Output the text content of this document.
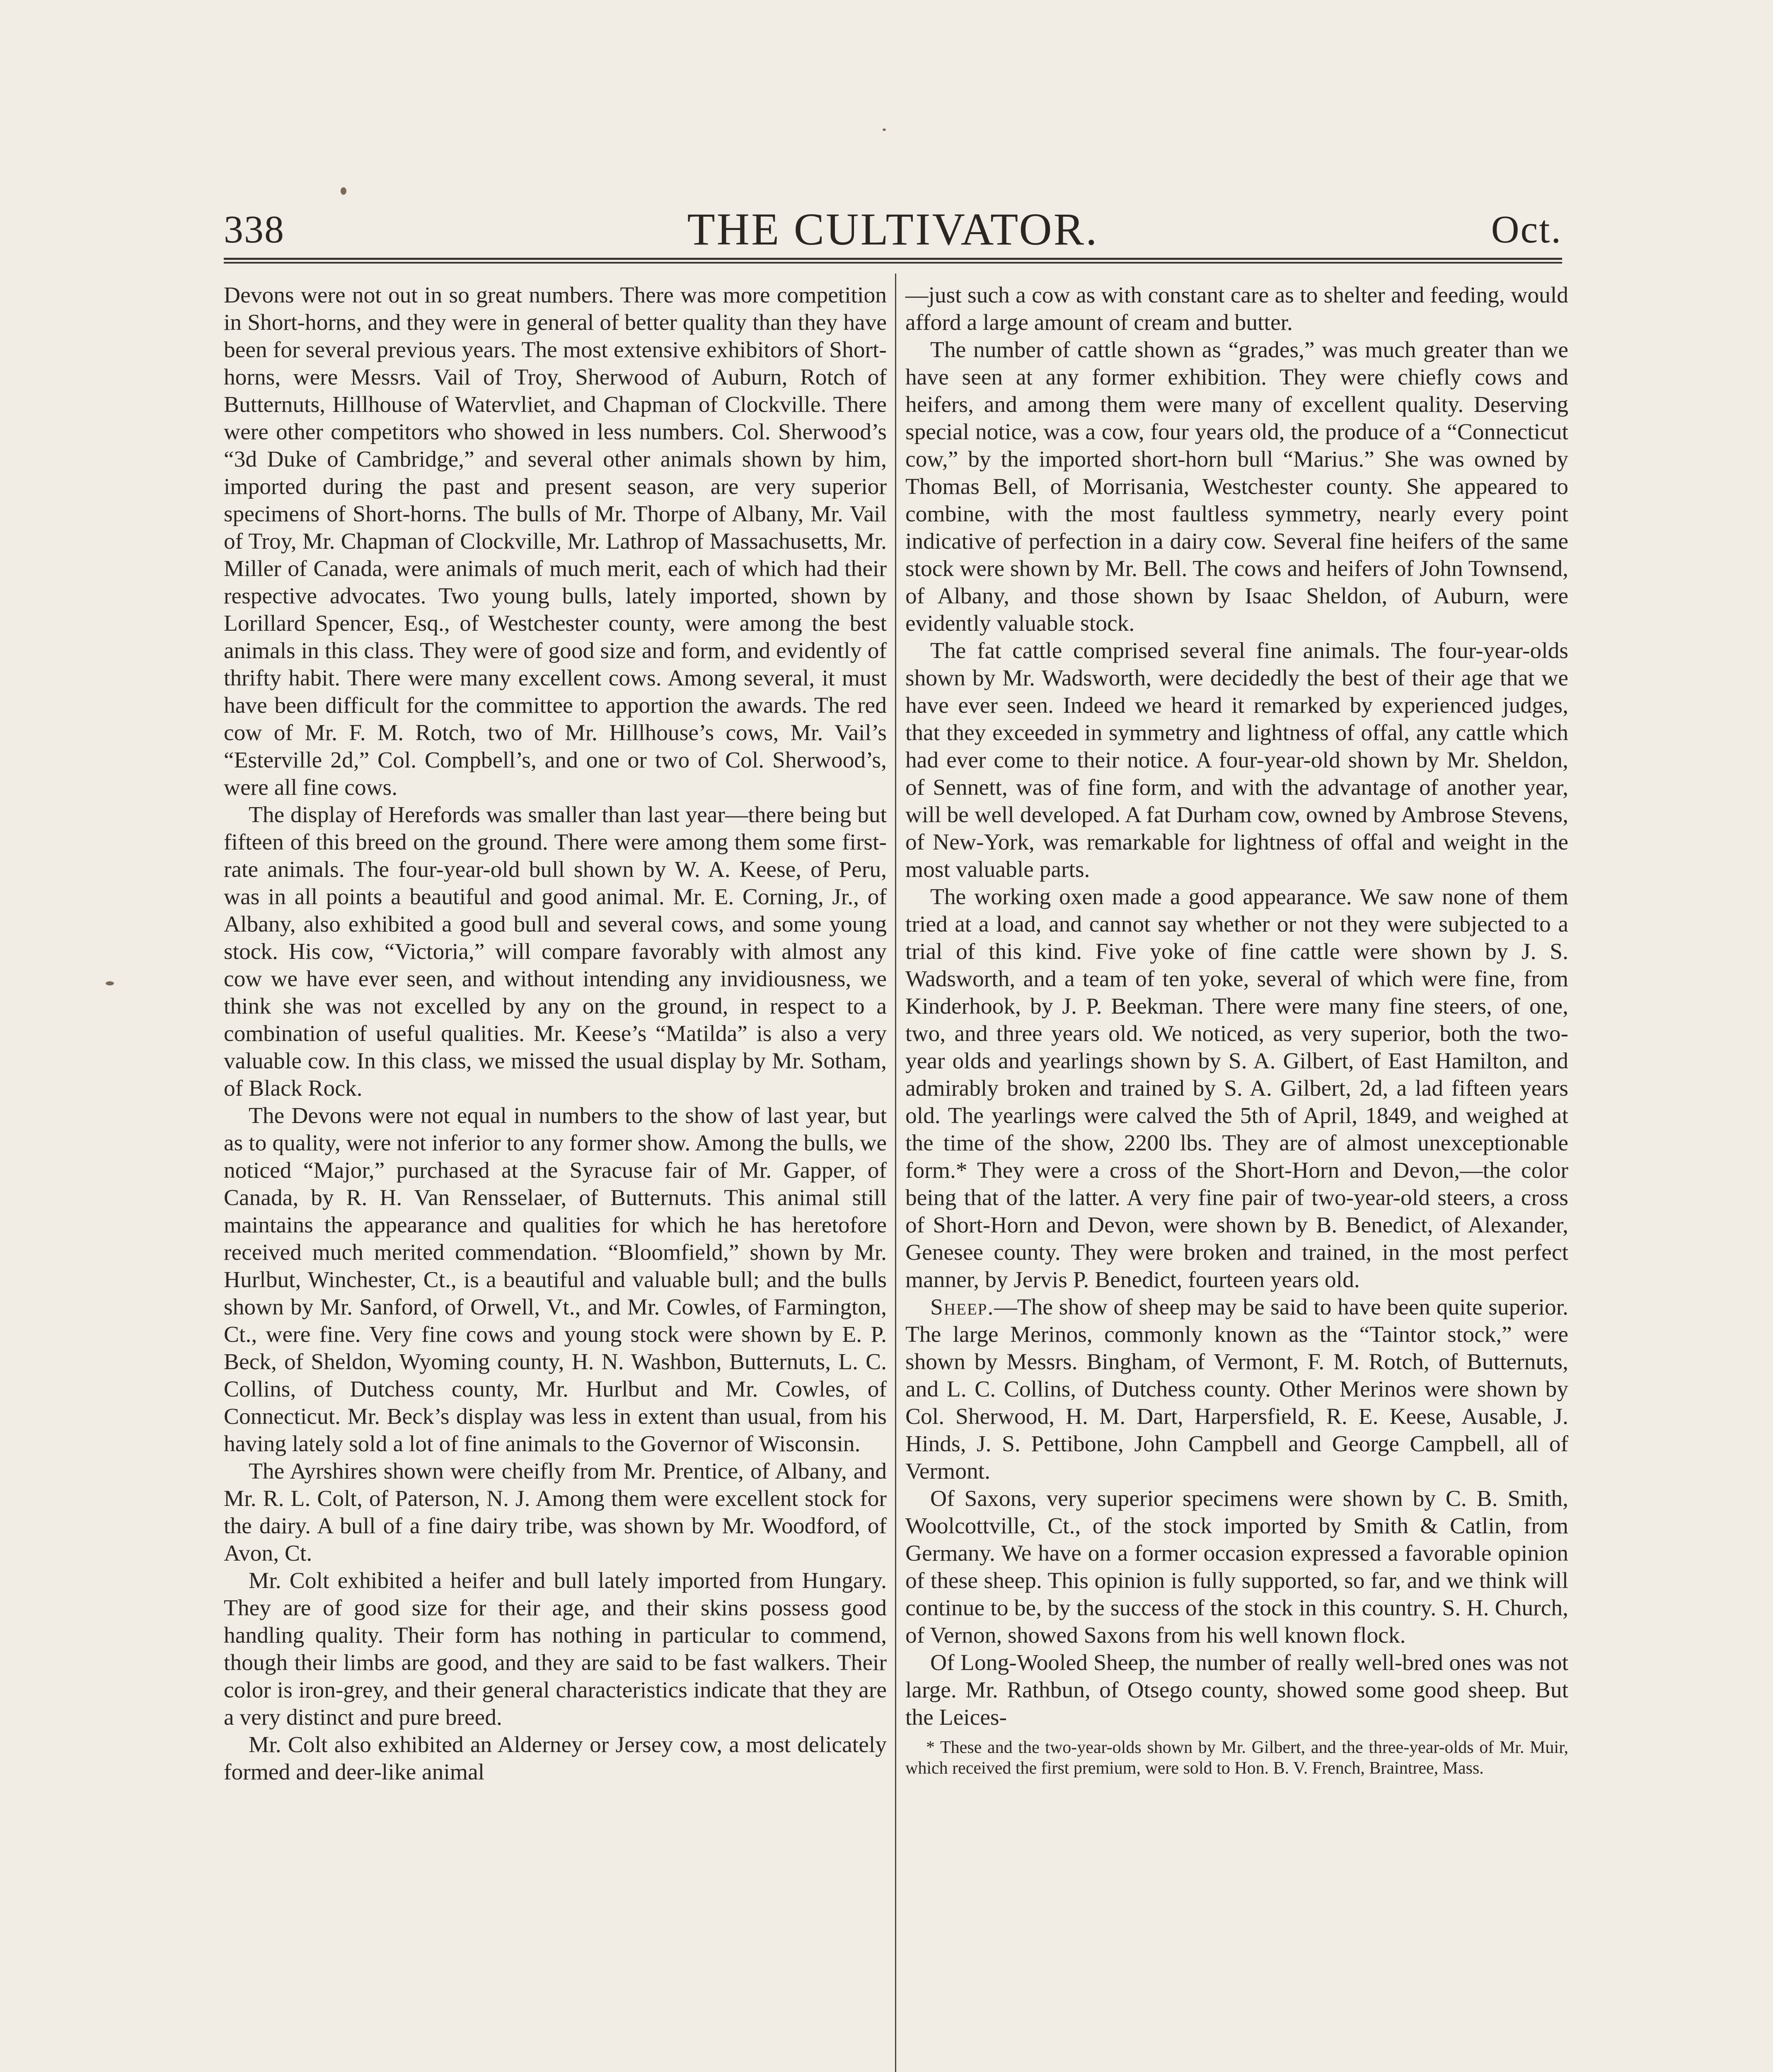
338	THE CULTIVATOR.	Oct.

Devons were not out in so great numbers. There was more competition in Short-horns, and they were in general of better quality than they have been for several previous years. The most extensive exhibitors of Short-horns, were Messrs. Vail of Troy, Sherwood of Auburn, Rotch of Butternuts, Hillhouse of Watervliet, and Chapman of Clockville. There were other competitors who showed in less numbers. Col. Sherwood’s “3d Duke of Cambridge,” and several other animals shown by him, imported during the past and present season, are very superior specimens of Short-horns. The bulls of Mr. Thorpe of Albany, Mr. Vail of Troy, Mr. Chapman of Clockville, Mr. Lathrop of Massachusetts, Mr. Miller of Canada, were animals of much merit, each of which had their respective advocates. Two young bulls, lately imported, shown by Lorillard Spencer, Esq., of Westchester county, were among the best animals in this class. They were of good size and form, and evidently of thrifty habit. There were many excellent cows. Among several, it must have been difficult for the committee to apportion the awards. The red cow of Mr. F. M. Rotch, two of Mr. Hillhouse’s cows, Mr. Vail’s “Esterville 2d,” Col. Compbell’s, and one or two of Col. Sherwood’s, were all fine cows.

The display of Herefords was smaller than last year—there being but fifteen of this breed on the ground. There were among them some first-rate animals. The four-year-old bull shown by W. A. Keese, of Peru, was in all points a beautiful and good animal. Mr. E. Corning, Jr., of Albany, also exhibited a good bull and several cows, and some young stock. His cow, “Victoria,” will compare favorably with almost any cow we have ever seen, and without intending any invidiousness, we think she was not excelled by any on the ground, in respect to a combination of useful qualities. Mr. Keese’s “Matilda” is also a very valuable cow. In this class, we missed the usual display by Mr. Sotham, of Black Rock.

The Devons were not equal in numbers to the show of last year, but as to quality, were not inferior to any former show. Among the bulls, we noticed “Major,” purchased at the Syracuse fair of Mr. Gapper, of Canada, by R. H. Van Rensselaer, of Butternuts. This animal still maintains the appearance and qualities for which he has heretofore received much merited commendation. “Bloomfield,” shown by Mr. Hurlbut, Winchester, Ct., is a beautiful and valuable bull; and the bulls shown by Mr. Sanford, of Orwell, Vt., and Mr. Cowles, of Farmington, Ct., were fine. Very fine cows and young stock were shown by E. P. Beck, of Sheldon, Wyoming county, H. N. Washbon, Butternuts, L. C. Collins, of Dutchess county, Mr. Hurlbut and Mr. Cowles, of Connecticut. Mr. Beck’s display was less in extent than usual, from his having lately sold a lot of fine animals to the Governor of Wisconsin.

The Ayrshires shown were cheifly from Mr. Prentice, of Albany, and Mr. R. L. Colt, of Paterson, N. J. Among them were excellent stock for the dairy. A bull of a fine dairy tribe, was shown by Mr. Woodford, of Avon, Ct.

Mr. Colt exhibited a heifer and bull lately imported from Hungary. They are of good size for their age, and their skins possess good handling quality. Their form has nothing in particular to commend, though their limbs are good, and they are said to be fast walkers. Their color is iron-grey, and their general characteristics indicate that they are a very distinct and pure breed.

Mr. Colt also exhibited an Alderney or Jersey cow, a most delicately formed and deer-like animal

—just such a cow as with constant care as to shelter and feeding, would afford a large amount of cream and butter.

The number of cattle shown as “grades,” was much greater than we have seen at any former exhibition. They were chiefly cows and heifers, and among them were many of excellent quality. Deserving special notice, was a cow, four years old, the produce of a “Connecticut cow,” by the imported short-horn bull “Marius.” She was owned by Thomas Bell, of Morrisania, Westchester county. She appeared to combine, with the most faultless symmetry, nearly every point indicative of perfection in a dairy cow. Several fine heifers of the same stock were shown by Mr. Bell. The cows and heifers of John Townsend, of Albany, and those shown by Isaac Sheldon, of Auburn, were evidently valuable stock.

The fat cattle comprised several fine animals. The four-year-olds shown by Mr. Wadsworth, were decidedly the best of their age that we have ever seen. Indeed we heard it remarked by experienced judges, that they exceeded in symmetry and lightness of offal, any cattle which had ever come to their notice. A four-year-old shown by Mr. Sheldon, of Sennett, was of fine form, and with the advantage of another year, will be well developed. A fat Durham cow, owned by Ambrose Stevens, of New-York, was remarkable for lightness of offal and weight in the most valuable parts.

The working oxen made a good appearance. We saw none of them tried at a load, and cannot say whether or not they were subjected to a trial of this kind. Five yoke of fine cattle were shown by J. S. Wadsworth, and a team of ten yoke, several of which were fine, from Kinderhook, by J. P. Beekman. There were many fine steers, of one, two, and three years old. We noticed, as very superior, both the two-year olds and yearlings shown by S. A. Gilbert, of East Hamilton, and admirably broken and trained by S. A. Gilbert, 2d, a lad fifteen years old. The yearlings were calved the 5th of April, 1849, and weighed at the time of the show, 2200 lbs. They are of almost unexceptionable form.* They were a cross of the Short-Horn and Devon,—the color being that of the latter. A very fine pair of two-year-old steers, a cross of Short-Horn and Devon, were shown by B. Benedict, of Alexander, Genesee county. They were broken and trained, in the most perfect manner, by Jervis P. Benedict, fourteen years old.

Sheep.—The show of sheep may be said to have been quite superior. The large Merinos, commonly known as the “Taintor stock,” were shown by Messrs. Bingham, of Vermont, F. M. Rotch, of Butternuts, and L. C. Collins, of Dutchess county. Other Merinos were shown by Col. Sherwood, H. M. Dart, Harpersfield, R. E. Keese, Ausable, J. Hinds, J. S. Pettibone, John Campbell and George Campbell, all of Vermont.

Of Saxons, very superior specimens were shown by C. B. Smith, Woolcottville, Ct., of the stock imported by Smith & Catlin, from Germany. We have on a former occasion expressed a favorable opinion of these sheep. This opinion is fully supported, so far, and we think will continue to be, by the success of the stock in this country. S. H. Church, of Vernon, showed Saxons from his well known flock.

Of Long-Wooled Sheep, the number of really well-bred ones was not large. Mr. Rathbun, of Otsego county, showed some good sheep. But the Leices-

* These and the two-year-olds shown by Mr. Gilbert, and the three-year-olds of Mr. Muir, which received the first premium, were sold to Hon. B. V. French, Braintree, Mass.
